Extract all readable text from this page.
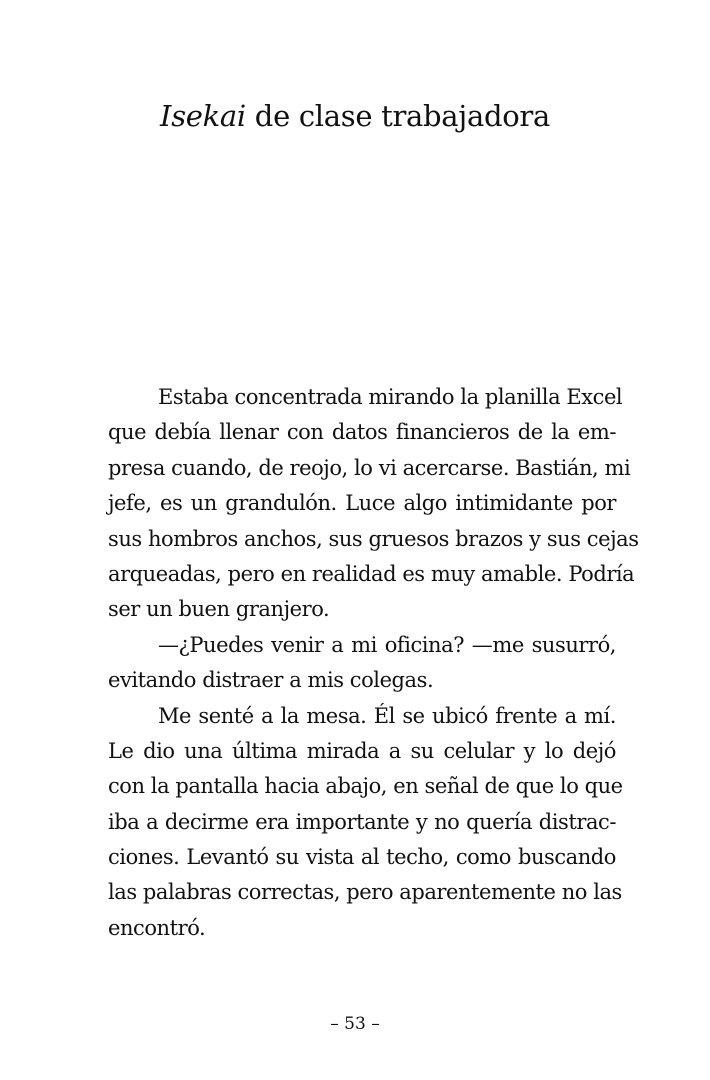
Isekai de clase trabajadora
Estaba concentrada mirando la planilla Excel
que debía llenar con datos financieros de la em-
presa cuando, de reojo, lo vi acercarse. Bastián, mi
jefe, es un grandulón. Luce algo intimidante por
sus hombros anchos, sus gruesos brazos y sus cejas
arqueadas, pero en realidad es muy amable. Podría
ser un buen granjero.
—¿Puedes venir a mi oficina? —me susurró,
evitando distraer a mis colegas.
Me senté a la mesa. Él se ubicó frente a mí.
Le dio una última mirada a su celular y lo dejó
con la pantalla hacia abajo, en señal de que lo que
iba a decirme era importante y no quería distrac-
ciones. Levantó su vista al techo, como buscando
las palabras correctas, pero aparentemente no las
encontró.
– 53 –
